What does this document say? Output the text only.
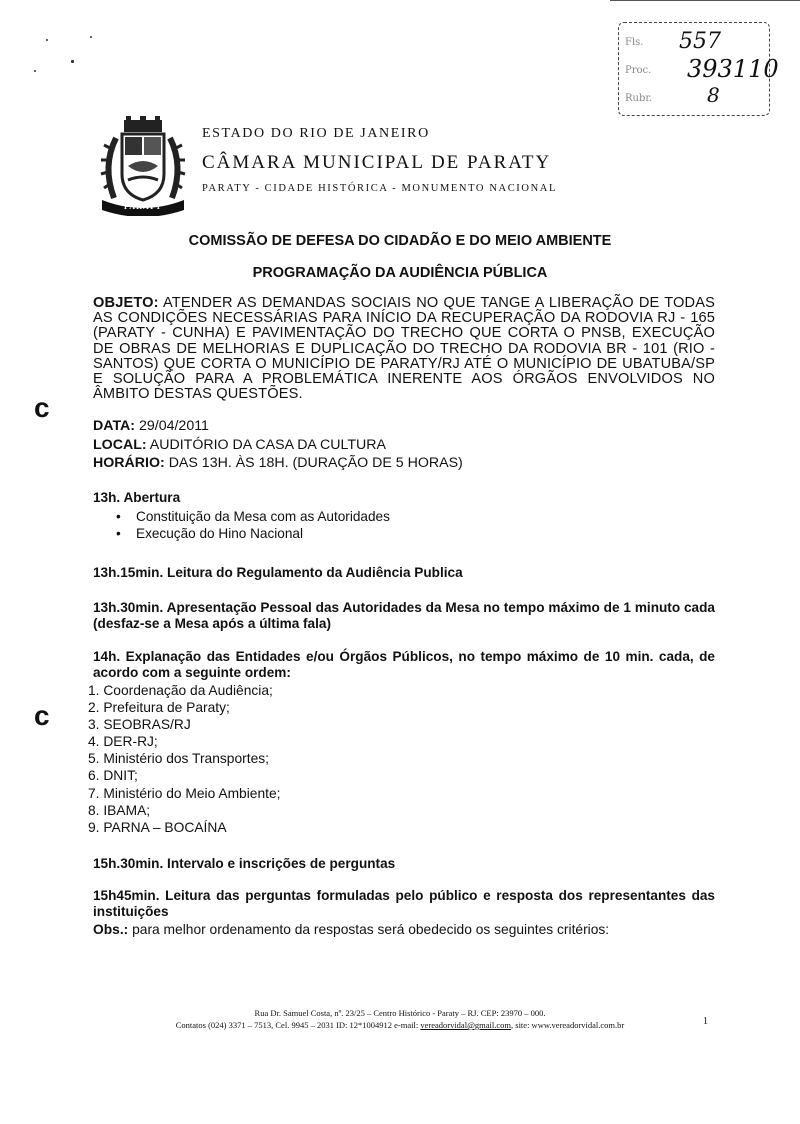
Fls.
Proc.
Rubr.
557
393110
8
PARATY
ESTADO DO RIO DE JANEIRO
CÂMARA MUNICIPAL DE PARATY
PARATY - CIDADE HISTÓRICA - MONUMENTO NACIONAL
COMISSÃO DE DEFESA DO CIDADÃO E DO MEIO AMBIENTE
PROGRAMAÇÃO DA AUDIÊNCIA PÚBLICA
OBJETO: ATENDER AS DEMANDAS SOCIAIS NO QUE TANGE A LIBERAÇÃO DE TODAS AS CONDIÇÕES NECESSÁRIAS PARA INÍCIO DA RECUPERAÇÃO DA RODOVIA RJ - 165 (PARATY - CUNHA) E PAVIMENTAÇÃO DO TRECHO QUE CORTA O PNSB, EXECUÇÃO DE OBRAS DE MELHORIAS E DUPLICAÇÃO DO TRECHO DA RODOVIA BR - 101 (RIO - SANTOS) QUE CORTA O MUNICÍPIO DE PARATY/RJ ATÉ O MUNICÍPIO DE UBATUBA/SP E SOLUÇÃO PARA A PROBLEMÁTICA INERENTE AOS ÓRGÃOS ENVOLVIDOS NO ÂMBITO DESTAS QUESTÕES.
DATA: 29/04/2011
LOCAL: AUDITÓRIO DA CASA DA CULTURA
HORÁRIO: DAS 13H. ÀS 18H. (DURAÇÃO DE 5 HORAS)
13h. Abertura
• Constituição da Mesa com as Autoridades
• Execução do Hino Nacional
13h.15min. Leitura do Regulamento da Audiência Publica
13h.30min. Apresentação Pessoal das Autoridades da Mesa no tempo máximo de 1 minuto cada (desfaz-se a Mesa após a última fala)
14h. Explanação das Entidades e/ou Órgãos Públicos, no tempo máximo de 10 min. cada, de acordo com a seguinte ordem:
1. Coordenação da Audiência;
2. Prefeitura de Paraty;
3. SEOBRAS/RJ
4. DER-RJ;
5. Ministério dos Transportes;
6. DNIT;
7. Ministério do Meio Ambiente;
8. IBAMA;
9. PARNA – BOCAÍNA
15h.30min. Intervalo e inscrições de perguntas
15h45min. Leitura das perguntas formuladas pelo público e resposta dos representantes das instituições
Obs.: para melhor ordenamento da respostas será obedecido os seguintes critérios:
c
c
Rua Dr. Samuel Costa, nº. 23/25 – Centro Histórico - Paraty – RJ. CEP: 23970 – 000.
Contatos (024) 3371 – 7513, Cel. 9945 – 2031 ID: 12*1004912 e-mail: vereadorvidal@gmail.com, site: www.vereadorvidal.com.br	1
